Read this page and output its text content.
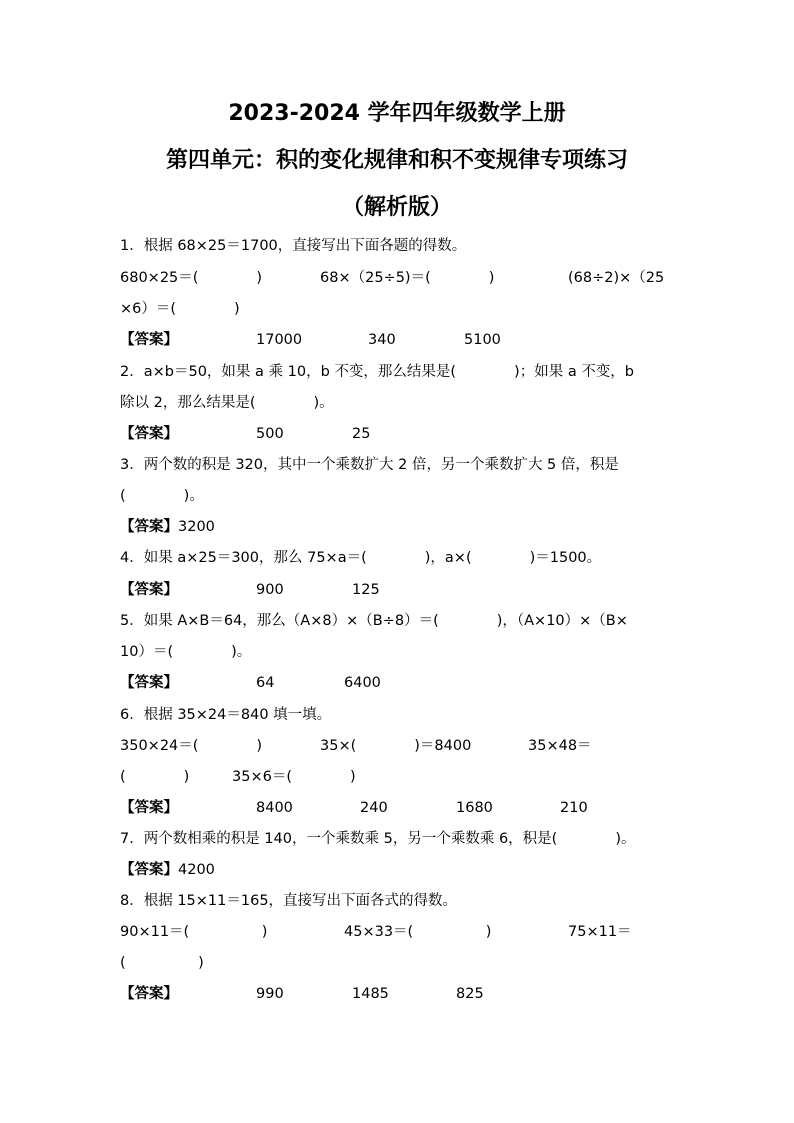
2023-2024 学年四年级数学上册
第四单元：积的变化规律和积不变规律专项练习
（解析版）
1．根据 68×25＝1700，直接写出下面各题的得数。
680×25＝(　　　　)	68×（25÷5)＝(　　　　)	(68÷2)×（25
×6）＝(　　　　)
【答案】	17000	340	5100
2．a×b＝50，如果 a 乘 10，b 不变，那么结果是(　　　　)；如果 a 不变，b
除以 2，那么结果是(　　　　)。
【答案】	500	25
3．两个数的积是 320，其中一个乘数扩大 2 倍，另一个乘数扩大 5 倍，积是
(　　　　)。
【答案】3200
4．如果 a×25＝300，那么 75×a＝(　　　　)，a×(　　　　)＝1500。
【答案】	900	125
5．如果 A×B＝64，那么（A×8）×（B÷8）＝(　　　　)，（A×10）×（B×
10）＝(　　　　)。
【答案】	64	6400
6．根据 35×24＝840 填一填。
350×24＝(　　　　)	35×(　　　　)＝8400	35×48＝
(　　　　)	35×6＝(　　　　)
【答案】	8400	240	1680	210
7．两个数相乘的积是 140，一个乘数乘 5，另一个乘数乘 6，积是(　　　　)。
【答案】4200
8．根据 15×11＝165，直接写出下面各式的得数。
90×11＝(　　　　　)	45×33＝(　　　　　)	75×11＝
(　　　　　)
【答案】	990	1485	825
